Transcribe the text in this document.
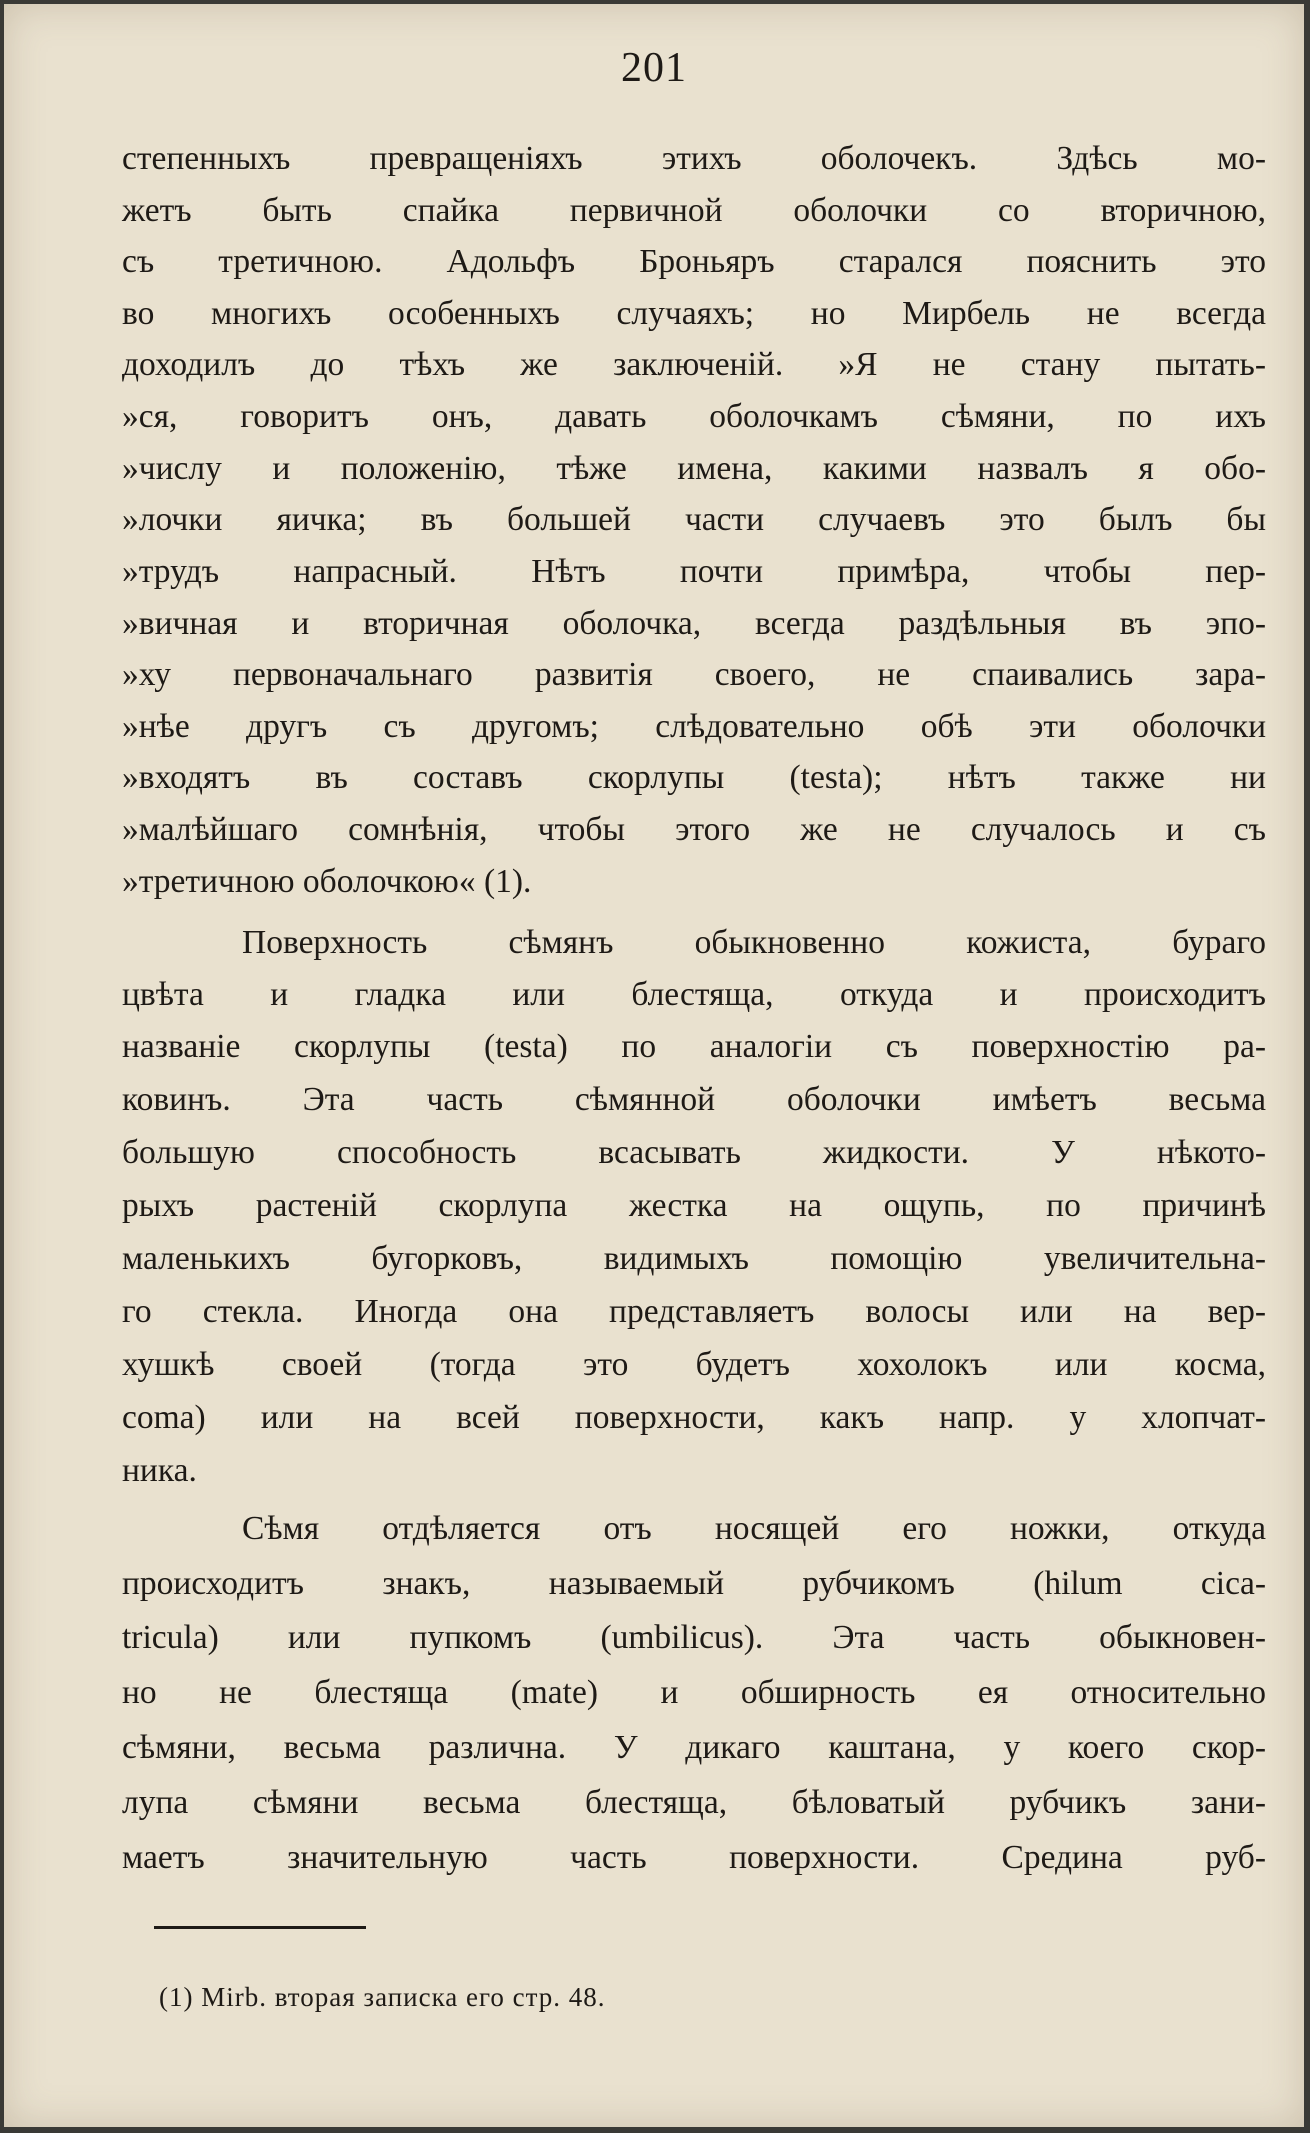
201
степенныхъ превращеніяхъ этихъ оболочекъ. Здѣсь мо-
жетъ быть спайка первичной оболочки со вторичною,
съ третичною. Адольфъ Броньяръ старался пояснить это
во многихъ особенныхъ случаяхъ; но Мирбель не всегда
доходилъ до тѣхъ же заключеній. »Я не стану пытать-
»ся, говоритъ онъ, давать оболочкамъ сѣмяни, по ихъ
»числу и положенію, тѣже имена, какими назвалъ я обо-
»лочки яичка; въ большей части случаевъ это былъ бы
»трудъ напрасный. Нѣтъ почти примѣра, чтобы пер-
»вичная и вторичная оболочка, всегда раздѣльныя въ эпо-
»ху первоначальнаго развитія своего, не спаивались зара-
»нѣе другъ съ другомъ; слѣдовательно обѣ эти оболочки
»входятъ въ составъ скорлупы (testa); нѣтъ также ни
»малѣйшаго сомнѣнія, чтобы этого же не случалось и съ
»третичною оболочкою« (1).
Поверхность сѣмянъ обыкновенно кожиста, бураго
цвѣта и гладка или блестяща, откуда и происходитъ
названіе скорлупы (testa) по аналогіи съ поверхностію ра-
ковинъ. Эта часть сѣмянной оболочки имѣетъ весьма
большую способность всасывать жидкости. У нѣкото-
рыхъ растеній скорлупа жестка на ощупь, по причинѣ
маленькихъ бугорковъ, видимыхъ помощію увеличительна-
го стекла. Иногда она представляетъ волосы или на вер-
хушкѣ своей (тогда это будетъ хохолокъ или косма,
coma) или на всей поверхности, какъ напр. у хлопчат-
ника.
Сѣмя отдѣляется отъ носящей его ножки, откуда
происходитъ знакъ, называемый рубчикомъ (hilum cica-
tricula) или пупкомъ (umbilicus). Эта часть обыкновен-
но не блестяща (mate) и обширность ея относительно
сѣмяни, весьма различна. У дикаго каштана, у коего скор-
лупа сѣмяни весьма блестяща, бѣловатый рубчикъ зани-
маетъ значительную часть поверхности. Средина руб-
(1) Mirb. вторая записка его стр. 48.
